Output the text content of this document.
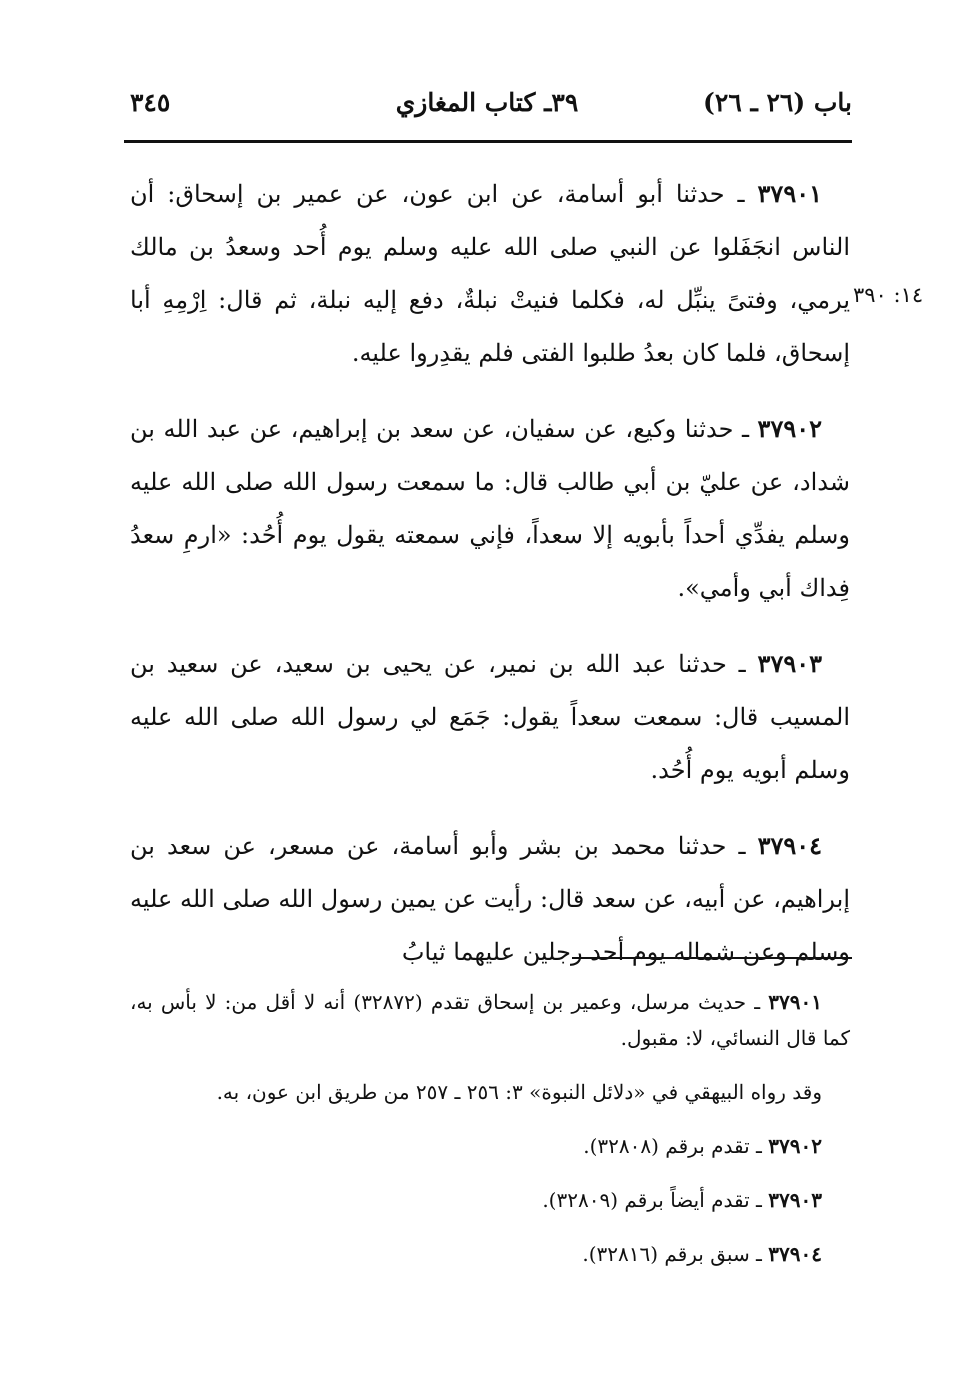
باب (٢٦ ـ ٢٦)
٣٩ـ كتاب المغازي
٣٤٥
١٤: ٣٩٠

٣٧٩٠١ ـ حدثنا أبو أسامة، عن ابن عون، عن عمير بن إسحاق: أن الناس انجَفَلوا عن النبي صلى الله عليه وسلم يوم أُحد وسعدُ بن مالك يرمي، وفتىً ينبِّل له، فكلما فنيتْ نبلةٌ، دفع إليه نبلة، ثم قال: اِرْمِهِ أبا إسحاق، فلما كان بعدُ طلبوا الفتى فلم يقدِروا عليه.

٣٧٩٠٢ ـ حدثنا وكيع، عن سفيان، عن سعد بن إبراهيم، عن عبد الله بن شداد، عن عليّ بن أبي طالب قال: ما سمعت رسول الله صلى الله عليه وسلم يفدِّي أحداً بأبويه إلا سعداً، فإني سمعته يقول يوم أُحُد: «ارمِ سعدُ فِداك أبي وأمي».

٣٧٩٠٣ ـ حدثنا عبد الله بن نمير، عن يحيى بن سعيد، عن سعيد بن المسيب قال: سمعت سعداً يقول: جَمَع لي رسول الله صلى الله عليه وسلم أبويه يوم أُحُد.

٣٧٩٠٤ ـ حدثنا محمد بن بشر وأبو أسامة، عن مسعر، عن سعد بن إبراهيم، عن أبيه، عن سعد قال: رأيت عن يمين رسول الله صلى الله عليه وسلم وعن شماله يوم أحد رجلين عليهما ثيابُ

٣٧٩٠١ ـ حديث مرسل، وعمير بن إسحاق تقدم (٣٢٨٧٢) أنه لا أقل من: لا بأس به، كما قال النسائي، لا: مقبول.

وقد رواه البيهقي في «دلائل النبوة» ٣: ٢٥٦ ـ ٢٥٧ من طريق ابن عون، به.

٣٧٩٠٢ ـ تقدم برقم (٣٢٨٠٨).

٣٧٩٠٣ ـ تقدم أيضاً برقم (٣٢٨٠٩).

٣٧٩٠٤ ـ سبق برقم (٣٢٨١٦).
